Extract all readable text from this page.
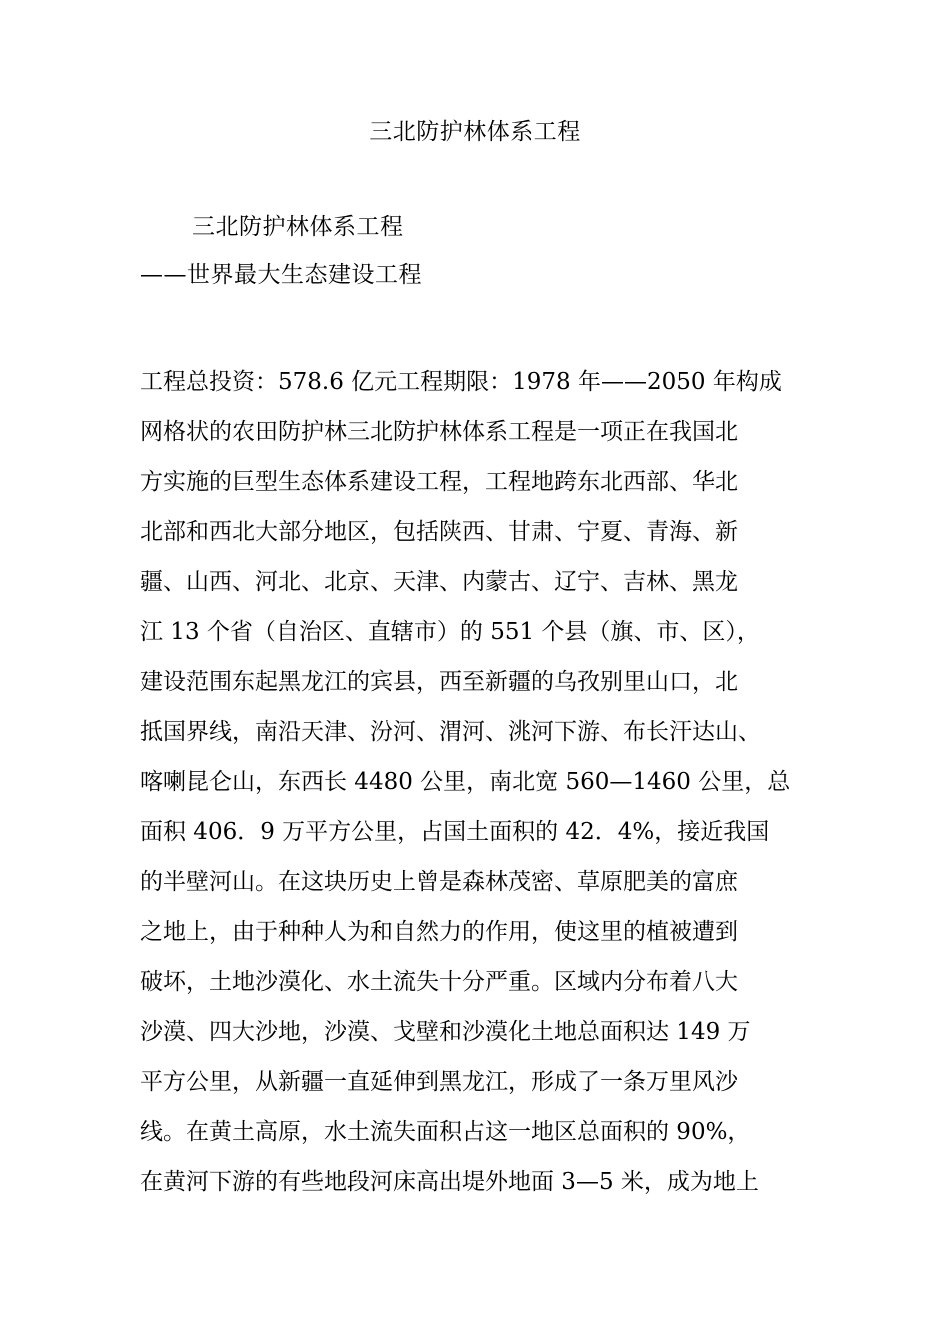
三北防护林体系工程
三北防护林体系工程
——世界最大生态建设工程
工程总投资：578.6 亿元工程期限：1978 年——2050 年构成
网格状的农田防护林三北防护林体系工程是一项正在我国北
方实施的巨型生态体系建设工程，工程地跨东北西部、华北
北部和西北大部分地区，包括陕西、甘肃、宁夏、青海、新
疆、山西、河北、北京、天津、内蒙古、辽宁、吉林、黑龙
江 13 个省（自治区、直辖市）的 551 个县（旗、市、区），
建设范围东起黑龙江的宾县，西至新疆的乌孜别里山口，北
抵国界线，南沿天津、汾河、渭河、洮河下游、布长汗达山、
喀喇昆仑山，东西长 4480 公里，南北宽 560—1460 公里，总
面积 406．9 万平方公里，占国土面积的 42．4%，接近我国
的半壁河山。在这块历史上曾是森林茂密、草原肥美的富庶
之地上，由于种种人为和自然力的作用，使这里的植被遭到
破坏，土地沙漠化、水土流失十分严重。区域内分布着八大
沙漠、四大沙地，沙漠、戈壁和沙漠化土地总面积达 149 万
平方公里，从新疆一直延伸到黑龙江，形成了一条万里风沙
线。在黄土高原，水土流失面积占这一地区总面积的 90%，
在黄河下游的有些地段河床高出堤外地面 3—5 米，成为地上
